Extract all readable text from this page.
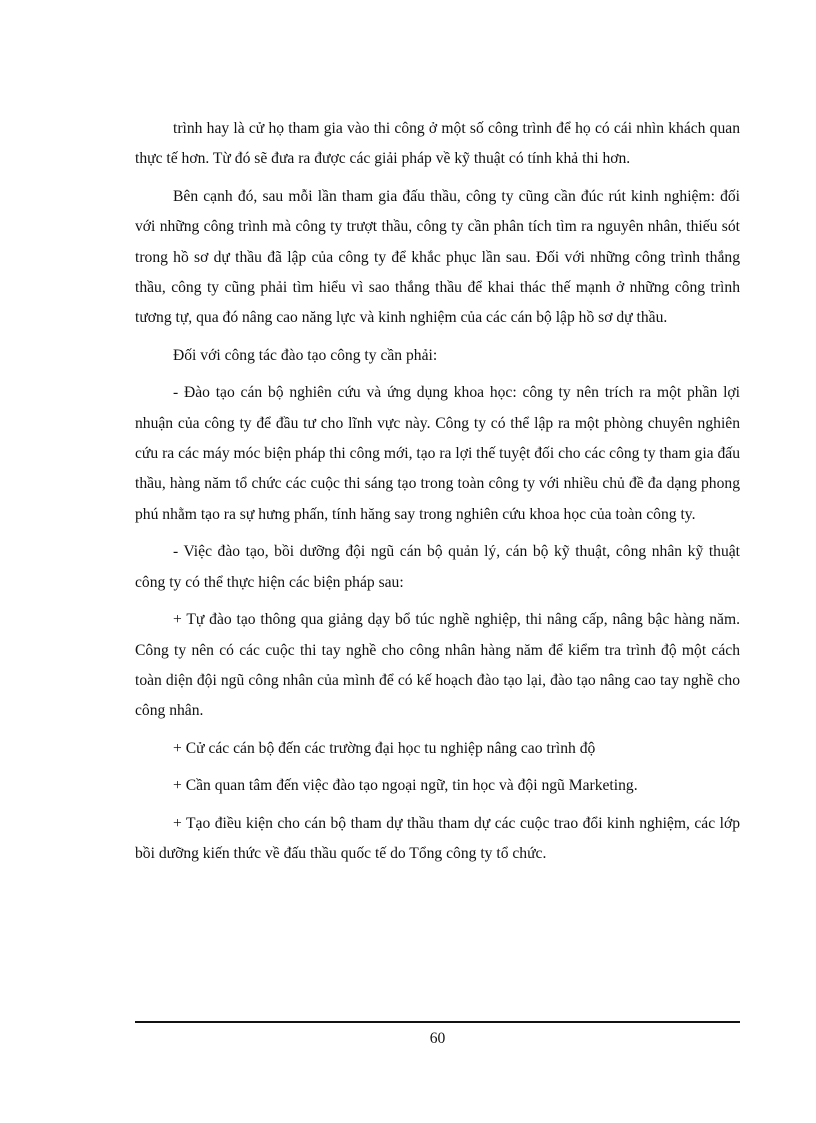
trình hay là cử họ tham gia vào thi công ở một số công trình để họ có cái nhìn khách quan thực tế hơn. Từ đó sẽ đưa ra được các giải pháp về kỹ thuật có tính khả thi hơn.

Bên cạnh đó, sau mỗi lần tham gia đấu thầu, công ty cũng cần đúc rút kinh nghiệm: đối với những công trình mà công ty trượt thầu, công ty cần phân tích tìm ra nguyên nhân, thiếu sót trong hồ sơ dự thầu đã lập của công ty để khắc phục lần sau. Đối với những công trình thắng thầu, công ty cũng phải tìm hiểu vì sao thắng thầu để khai thác thế mạnh ở những công trình tương tự, qua đó nâng cao năng lực và kinh nghiệm của các cán bộ lập hồ sơ dự thầu.

Đối với công tác đào tạo công ty cần phải:

- Đào tạo cán bộ nghiên cứu và ứng dụng khoa học: công ty nên trích ra một phần lợi nhuận của công ty để đầu tư cho lĩnh vực này. Công ty có thể lập ra một phòng chuyên nghiên cứu ra các máy móc biện pháp thi công mới, tạo ra lợi thế tuyệt đối cho các công ty tham gia đấu thầu, hàng năm tổ chức các cuộc thi sáng tạo trong toàn công ty với nhiều chủ đề đa dạng phong phú nhằm tạo ra sự hưng phấn, tính hăng say trong nghiên cứu khoa học của toàn công ty.

- Việc đào tạo, bồi dưỡng đội ngũ cán bộ quản lý, cán bộ kỹ thuật, công nhân kỹ thuật công ty có thể thực hiện các biện pháp sau:

+ Tự đào tạo thông qua giảng dạy bổ túc nghề nghiệp, thi nâng cấp, nâng bậc hàng năm. Công ty nên có các cuộc thi tay nghề cho công nhân hàng năm để kiểm tra trình độ một cách toàn diện đội ngũ công nhân của mình để có kế hoạch đào tạo lại, đào tạo nâng cao tay nghề cho công nhân.

+ Cử các cán bộ đến các trường đại học tu nghiệp nâng cao trình độ

+ Cần quan tâm đến việc đào tạo ngoại ngữ, tin học và đội ngũ Marketing.

+ Tạo điều kiện cho cán bộ tham dự thầu tham dự các cuộc trao đổi kinh nghiệm, các lớp bồi dưỡng kiến thức về đấu thầu quốc tế do Tổng công ty tổ chức.

60
